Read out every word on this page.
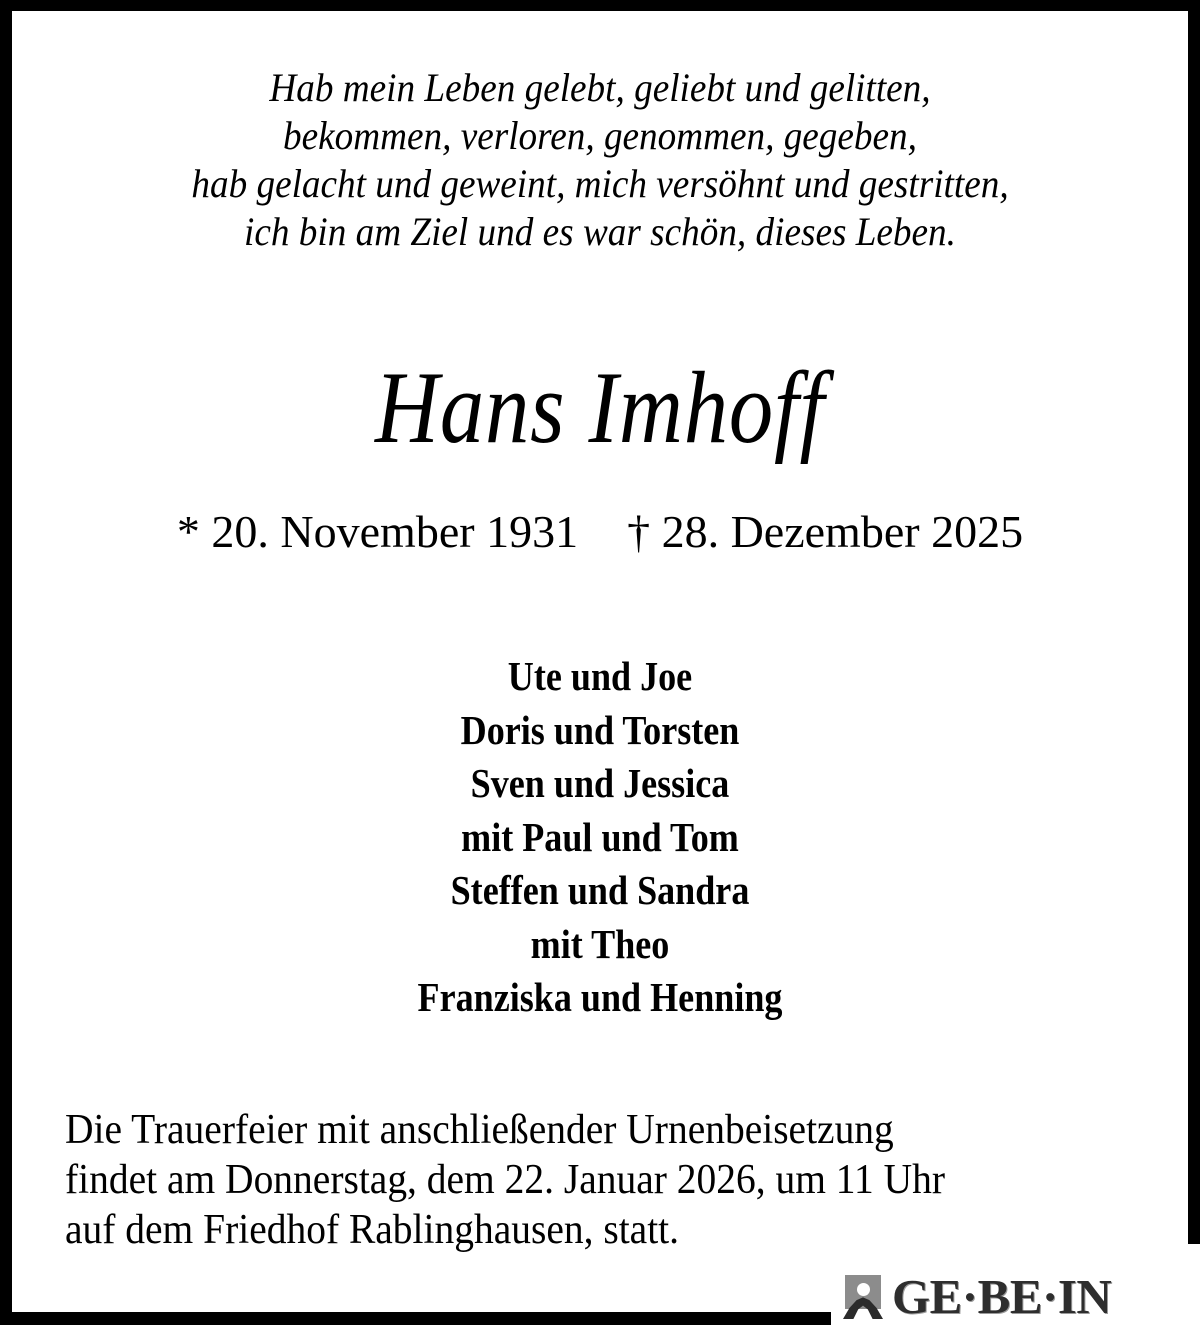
Hab mein Leben gelebt, geliebt und gelitten,
bekommen, verloren, genommen, gegeben,
hab gelacht und geweint, mich versöhnt und gestritten,
ich bin am Ziel und es war schön, dieses Leben.
Hans Imhoff
* 20. November 1931 † 28. Dezember 2025
Ute und Joe
Doris und Torsten
Sven und Jessica
mit Paul und Tom
Steffen und Sandra
mit Theo
Franziska und Henning

Die Trauerfeier mit anschließender Urnenbeisetzung

findet am Donnerstag, dem 22. Januar 2026, um 11 Uhr

auf dem Friedhof Rablinghausen, statt.

GE·BE·IN
